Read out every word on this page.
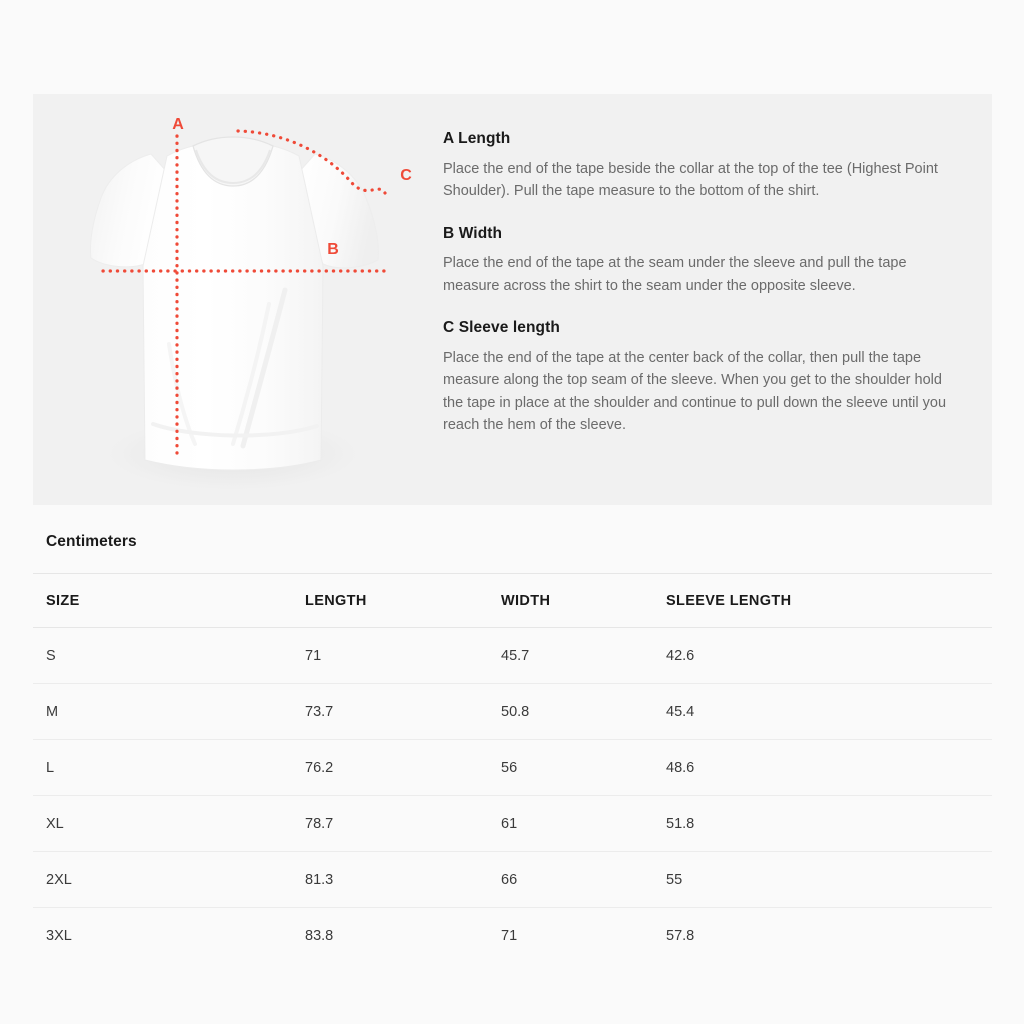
A
B
C
A Length

Place the end of the tape beside the collar at the top of the tee (Highest Point Shoulder). Pull the tape measure to the bottom of the shirt.

B Width

Place the end of the tape at the seam under the sleeve and pull the tape measure across the shirt to the seam under the opposite sleeve.

C Sleeve length

Place the end of the tape at the center back of the collar, then pull the tape measure along the top seam of the sleeve. When you get to the shoulder hold the tape in place at the shoulder and continue to pull down the sleeve until you reach the hem of the sleeve.

Centimeters
SIZE	LENGTH	WIDTH	SLEEVE LENGTH
S	71	45.7	42.6
M	73.7	50.8	45.4
L	76.2	56	48.6
XL	78.7	61	51.8
2XL	81.3	66	55
3XL	83.8	71	57.8
